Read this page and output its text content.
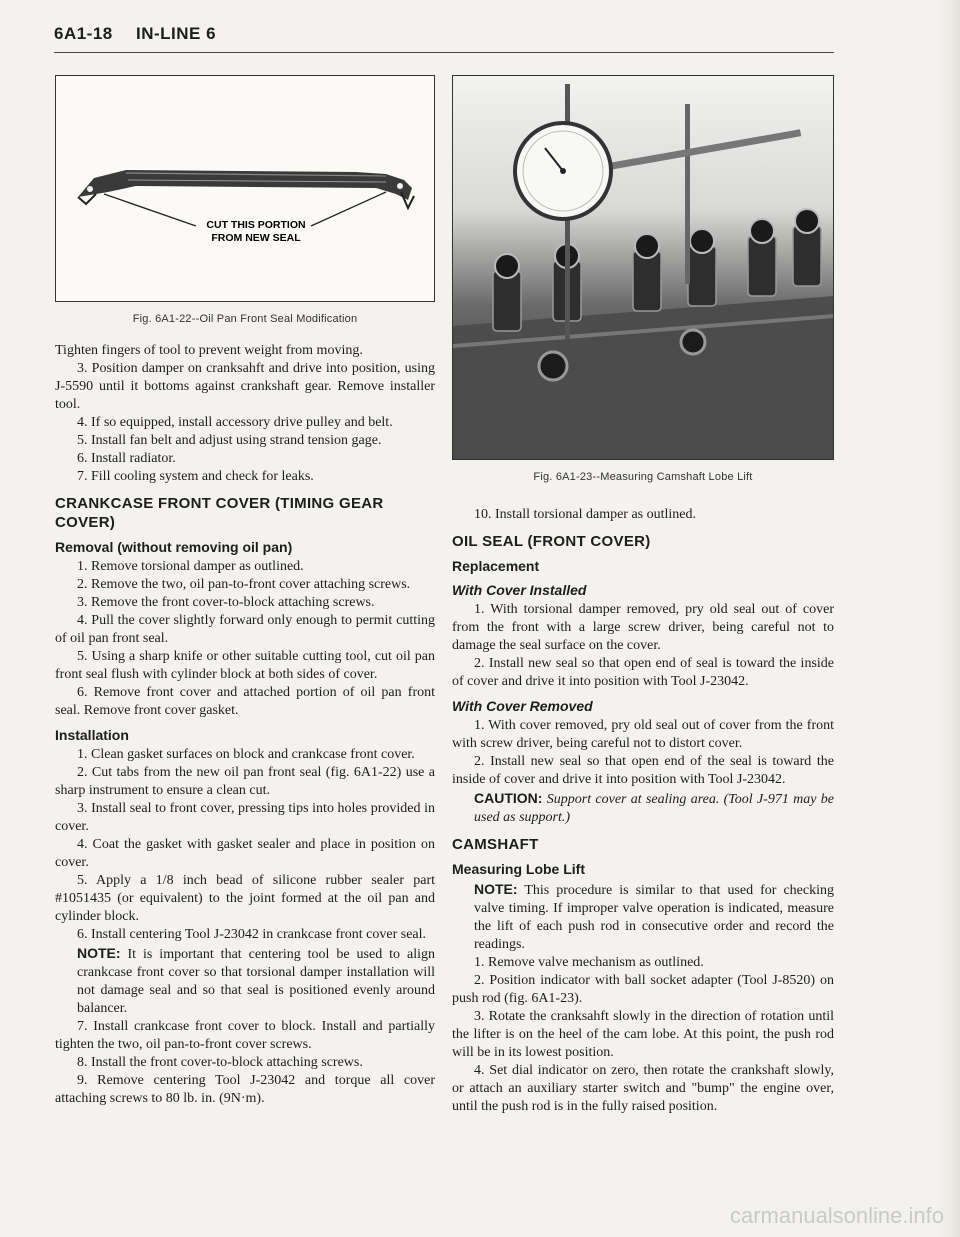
6A1-18 IN-LINE 6
CUT THIS PORTION
FROM NEW SEAL
Fig. 6A1-22--Oil Pan Front Seal Modification

Tighten fingers of tool to prevent weight from moving.

3. Position damper on cranksahft and drive into position, using J-5590 until it bottoms against crankshaft gear. Remove installer tool.

4. If so equipped, install accessory drive pulley and belt.

5. Install fan belt and adjust using strand tension gage.

6. Install radiator.

7. Fill cooling system and check for leaks.

CRANKCASE FRONT COVER (TIMING GEAR COVER)
Removal (without removing oil pan)

1. Remove torsional damper as outlined.

2. Remove the two, oil pan-to-front cover attaching screws.

3. Remove the front cover-to-block attaching screws.

4. Pull the cover slightly forward only enough to permit cutting of oil pan front seal.

5. Using a sharp knife or other suitable cutting tool, cut oil pan front seal flush with cylinder block at both sides of cover.

6. Remove front cover and attached portion of oil pan front seal. Remove front cover gasket.

Installation

1. Clean gasket surfaces on block and crankcase front cover.

2. Cut tabs from the new oil pan front seal (fig. 6A1-22) use a sharp instrument to ensure a clean cut.

3. Install seal to front cover, pressing tips into holes provided in cover.

4. Coat the gasket with gasket sealer and place in position on cover.

5. Apply a 1/8 inch bead of silicone rubber sealer part #1051435 (or equivalent) to the joint formed at the oil pan and cylinder block.

6. Install centering Tool J-23042 in crankcase front cover seal.

NOTE: It is important that centering tool be used to align crankcase front cover so that torsional damper installation will not damage seal and so that seal is positioned evenly around balancer.

7. Install crankcase front cover to block. Install and partially tighten the two, oil pan-to-front cover screws.

8. Install the front cover-to-block attaching screws.

9. Remove centering Tool J-23042 and torque all cover attaching screws to 80 lb. in. (9N·m).

Fig. 6A1-23--Measuring Camshaft Lobe Lift

10. Install torsional damper as outlined.

OIL SEAL (FRONT COVER)
Replacement
With Cover Installed

1. With torsional damper removed, pry old seal out of cover from the front with a large screw driver, being careful not to damage the seal surface on the cover.

2. Install new seal so that open end of seal is toward the inside of cover and drive it into position with Tool J-23042.

With Cover Removed

1. With cover removed, pry old seal out of cover from the front with screw driver, being careful not to distort cover.

2. Install new seal so that open end of the seal is toward the inside of cover and drive it into position with Tool J-23042.

CAUTION: Support cover at sealing area. (Tool J-971 may be used as support.)

CAMSHAFT
Measuring Lobe Lift

NOTE: This procedure is similar to that used for checking valve timing. If improper valve operation is indicated, measure the lift of each push rod in consecutive order and record the readings.

1. Remove valve mechanism as outlined.

2. Position indicator with ball socket adapter (Tool J-8520) on push rod (fig. 6A1-23).

3. Rotate the cranksahft slowly in the direction of rotation until the lifter is on the heel of the cam lobe. At this point, the push rod will be in its lowest position.

4. Set dial indicator on zero, then rotate the crankshaft slowly, or attach an auxiliary starter switch and "bump" the engine over, until the push rod is in the fully raised position.

carmanualsonline.info
